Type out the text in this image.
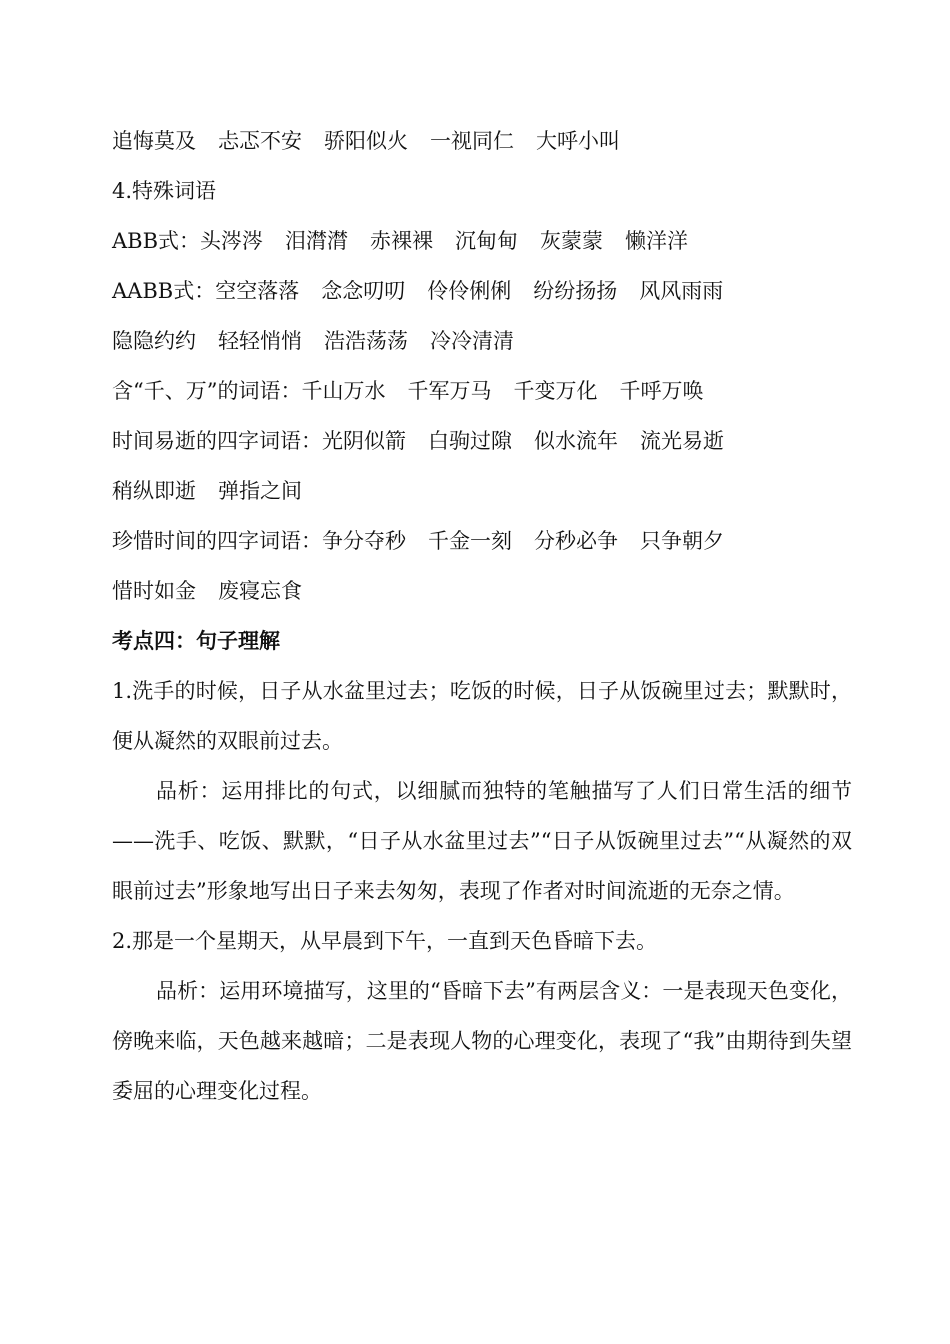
追悔莫及 忐忑不安 骄阳似火 一视同仁 大呼小叫
4.特殊词语
ABB式：头涔涔 泪潸潸 赤裸裸 沉甸甸 灰蒙蒙 懒洋洋
AABB式：空空落落 念念叨叨 伶伶俐俐 纷纷扬扬 风风雨雨
隐隐约约 轻轻悄悄 浩浩荡荡 冷冷清清
含“千、万”的词语：千山万水 千军万马 千变万化 千呼万唤
时间易逝的四字词语：光阴似箭 白驹过隙 似水流年 流光易逝
稍纵即逝 弹指之间
珍惜时间的四字词语：争分夺秒 千金一刻 分秒必争 只争朝夕
惜时如金 废寝忘食
考点四：句子理解
1.洗手的时候，日子从水盆里过去；吃饭的时候，日子从饭碗里过去；默默时，便从凝然的双眼前过去。
品析：运用排比的句式，以细腻而独特的笔触描写了人们日常生活的细节——洗手、吃饭、默默，“日子从水盆里过去”“日子从饭碗里过去”“从凝然的双眼前过去”形象地写出日子来去匆匆，表现了作者对时间流逝的无奈之情。
2.那是一个星期天，从早晨到下午，一直到天色昏暗下去。
品析：运用环境描写，这里的“昏暗下去”有两层含义：一是表现天色变化，傍晚来临，天色越来越暗；二是表现人物的心理变化，表现了“我”由期待到失望委屈的心理变化过程。
